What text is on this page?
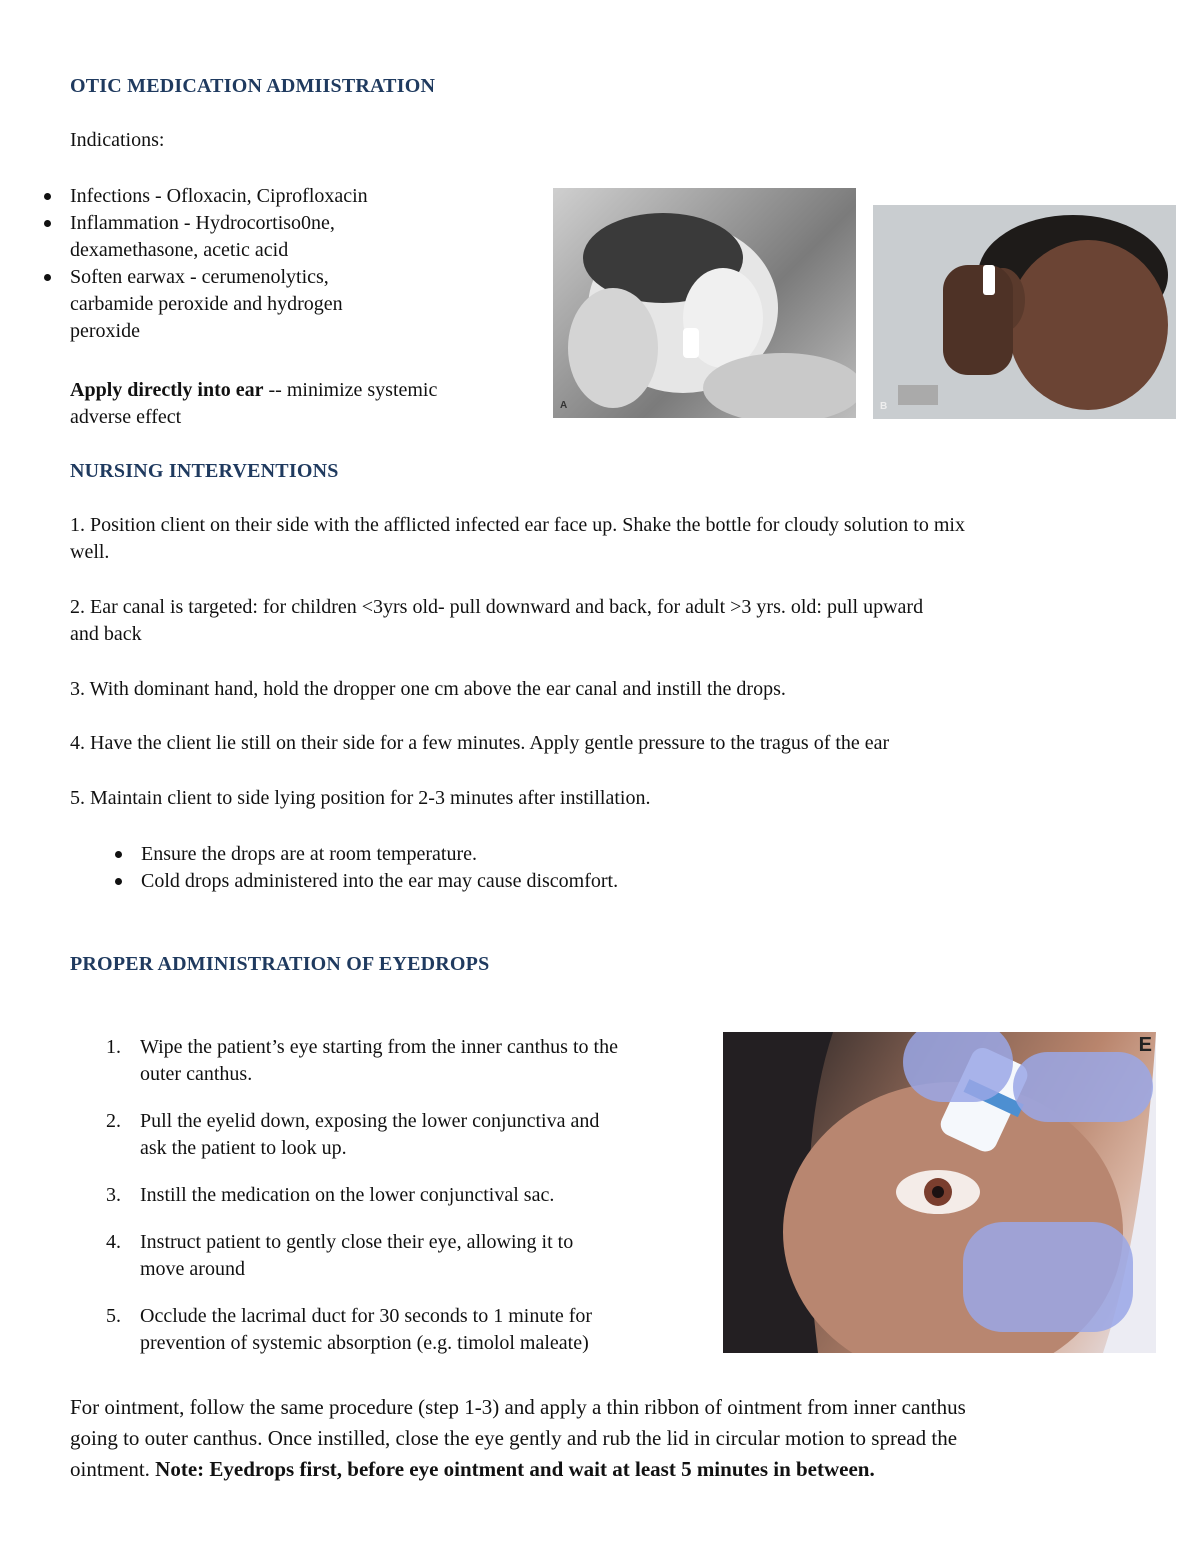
OTIC MEDICATION ADMIISTRATION
Indications:
Infections - Ofloxacin, Ciprofloxacin
Inflammation - Hydrocortiso0ne,
dexamethasone, acetic acid
Soften earwax - cerumenolytics,
carbamide peroxide and hydrogen
peroxide
Apply directly into ear -- minimize systemic
adverse effect
A	B
NURSING INTERVENTIONS
1. Position client on their side with the afflicted infected ear face up. Shake the bottle for cloudy solution to mix
well.
2. Ear canal is targeted: for children <3yrs old- pull downward and back, for adult >3 yrs. old: pull upward
and back
3. With dominant hand, hold the dropper one cm above the ear canal and instill the drops.
4. Have the client lie still on their side for a few minutes. Apply gentle pressure to the tragus of the ear
5. Maintain client to side lying position for 2-3 minutes after instillation.
Ensure the drops are at room temperature.
Cold drops administered into the ear may cause discomfort.
PROPER ADMINISTRATION OF EYEDROPS
1. Wipe the patient’s eye starting from the inner canthus to the
outer canthus.
2. Pull the eyelid down, exposing the lower conjunctiva and
ask the patient to look up.
3. Instill the medication on the lower conjunctival sac.
4. Instruct patient to gently close their eye, allowing it to
move around
5. Occlude the lacrimal duct for 30 seconds to 1 minute for
prevention of systemic absorption (e.g. timolol maleate)
E
For ointment, follow the same procedure (step 1-3) and apply a thin ribbon of ointment from inner canthus
going to outer canthus. Once instilled, close the eye gently and rub the lid in circular motion to spread the
ointment. Note: Eyedrops first, before eye ointment and wait at least 5 minutes in between.
